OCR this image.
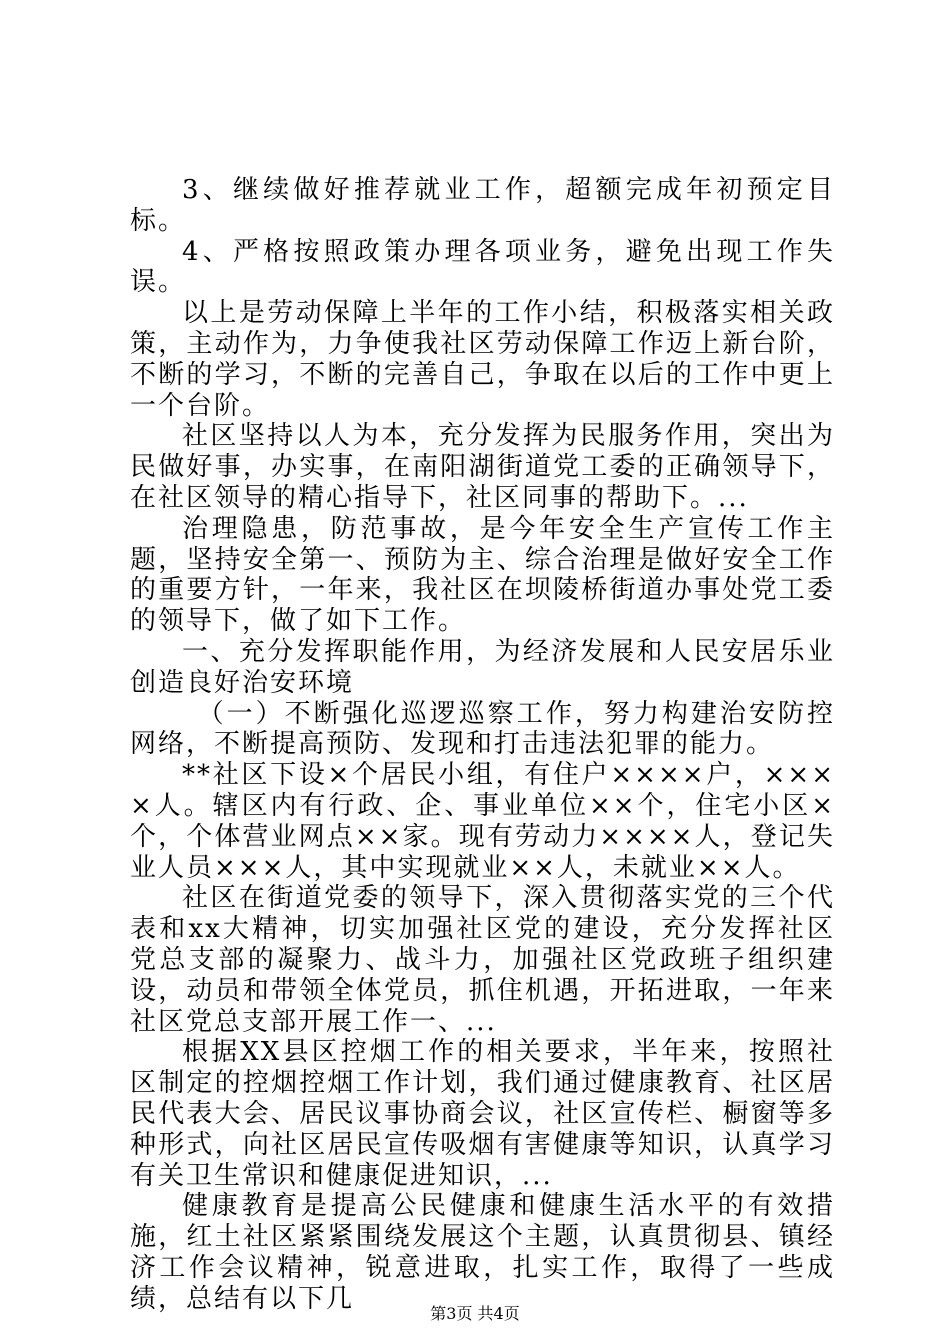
3、继续做好推荐就业工作，超额完成年初预定目标。

4、严格按照政策办理各项业务，避免出现工作失误。

以上是劳动保障上半年的工作小结，积极落实相关政策，主动作为，力争使我社区劳动保障工作迈上新台阶，不断的学习，不断的完善自己，争取在以后的工作中更上一个台阶。

社区坚持以人为本，充分发挥为民服务作用，突出为民做好事，办实事，在南阳湖街道党工委的正确领导下，在社区领导的精心指导下，社区同事的帮助下。...

治理隐患，防范事故，是今年安全生产宣传工作主题，坚持安全第一、预防为主、综合治理是做好安全工作的重要方针，一年来，我社区在坝陵桥街道办事处党工委的领导下，做了如下工作。

一、充分发挥职能作用，为经济发展和人民安居乐业创造良好治安环境

（一）不断强化巡逻巡察工作，努力构建治安防控网络，不断提高预防、发现和打击违法犯罪的能力。

**社区下设×个居民小组，有住户××××户，××××人。辖区内有行政、企、事业单位××个，住宅小区×个，个体营业网点××家。现有劳动力××××人，登记失业人员×××人，其中实现就业××人，未就业××人。

社区在街道党委的领导下，深入贯彻落实党的三个代表和xx大精神，切实加强社区党的建设，充分发挥社区党总支部的凝聚力、战斗力，加强社区党政班子组织建设，动员和带领全体党员，抓住机遇，开拓进取，一年来社区党总支部开展工作一、...

根据XX县区控烟工作的相关要求，半年来，按照社区制定的控烟控烟工作计划，我们通过健康教育、社区居民代表大会、居民议事协商会议，社区宣传栏、橱窗等多种形式，向社区居民宣传吸烟有害健康等知识，认真学习有关卫生常识和健康促进知识，...

健康教育是提高公民健康和健康生活水平的有效措施，红土社区紧紧围绕发展这个主题，认真贯彻县、镇经济工作会议精神，锐意进取，扎实工作，取得了一些成绩，总结有以下几	第3页 共4页
